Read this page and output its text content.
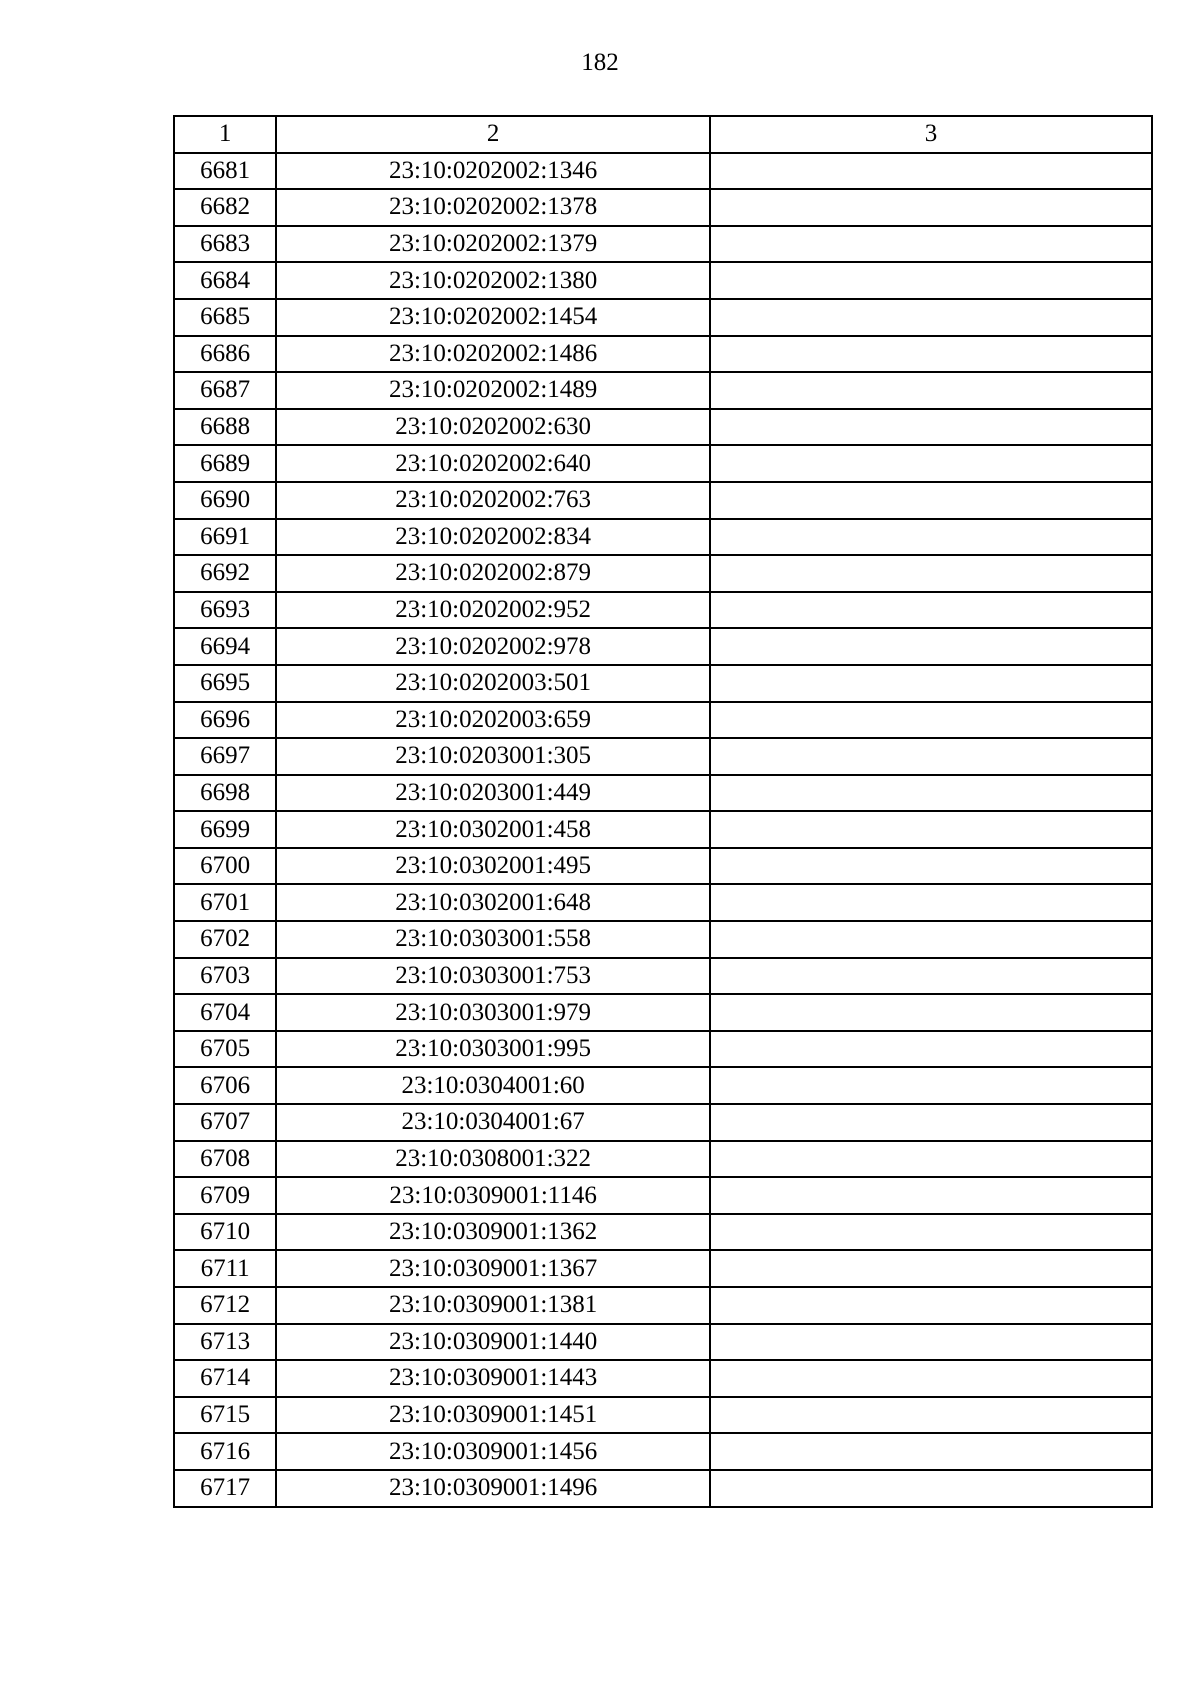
182
1	2	3
6681	23:10:0202002:1346	
6682	23:10:0202002:1378	
6683	23:10:0202002:1379	
6684	23:10:0202002:1380	
6685	23:10:0202002:1454	
6686	23:10:0202002:1486	
6687	23:10:0202002:1489	
6688	23:10:0202002:630	
6689	23:10:0202002:640	
6690	23:10:0202002:763	
6691	23:10:0202002:834	
6692	23:10:0202002:879	
6693	23:10:0202002:952	
6694	23:10:0202002:978	
6695	23:10:0202003:501	
6696	23:10:0202003:659	
6697	23:10:0203001:305	
6698	23:10:0203001:449	
6699	23:10:0302001:458	
6700	23:10:0302001:495	
6701	23:10:0302001:648	
6702	23:10:0303001:558	
6703	23:10:0303001:753	
6704	23:10:0303001:979	
6705	23:10:0303001:995	
6706	23:10:0304001:60	
6707	23:10:0304001:67	
6708	23:10:0308001:322	
6709	23:10:0309001:1146	
6710	23:10:0309001:1362	
6711	23:10:0309001:1367	
6712	23:10:0309001:1381	
6713	23:10:0309001:1440	
6714	23:10:0309001:1443	
6715	23:10:0309001:1451	
6716	23:10:0309001:1456	
6717	23:10:0309001:1496	
